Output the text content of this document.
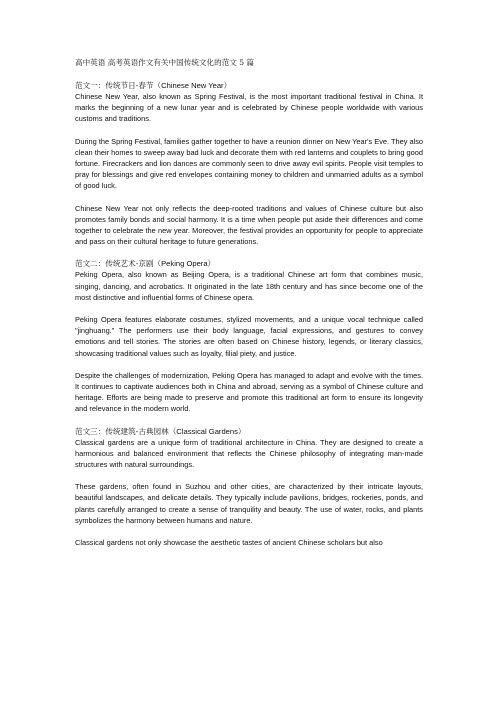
高中英语 高考英语作文有关中国传统文化的范文 5 篇
范文一：传统节日-春节（Chinese New Year）

Chinese New Year, also known as Spring Festival, is the most important traditional festival in China. It marks the beginning of a new lunar year and is celebrated by Chinese people worldwide with various customs and traditions.

During the Spring Festival, families gather together to have a reunion dinner on New Year's Eve. They also clean their homes to sweep away bad luck and decorate them with red lanterns and couplets to bring good fortune. Firecrackers and lion dances are commonly seen to drive away evil spirits. People visit temples to pray for blessings and give red envelopes containing money to children and unmarried adults as a symbol of good luck.

Chinese New Year not only reflects the deep-rooted traditions and values of Chinese culture but also promotes family bonds and social harmony. It is a time when people put aside their differences and come together to celebrate the new year. Moreover, the festival provides an opportunity for people to appreciate and pass on their cultural heritage to future generations.

范文二：传统艺术-京剧（Peking Opera）

Peking Opera, also known as Beijing Opera, is a traditional Chinese art form that combines music, singing, dancing, and acrobatics. It originated in the late 18th century and has since become one of the most distinctive and influential forms of Chinese opera.

Peking Opera features elaborate costumes, stylized movements, and a unique vocal technique called "jinghuang." The performers use their body language, facial expressions, and gestures to convey emotions and tell stories. The stories are often based on Chinese history, legends, or literary classics, showcasing traditional values such as loyalty, filial piety, and justice.

Despite the challenges of modernization, Peking Opera has managed to adapt and evolve with the times. It continues to captivate audiences both in China and abroad, serving as a symbol of Chinese culture and heritage. Efforts are being made to preserve and promote this traditional art form to ensure its longevity and relevance in the modern world.

范文三：传统建筑-古典园林（Classical Gardens）

Classical gardens are a unique form of traditional architecture in China. They are designed to create a harmonious and balanced environment that reflects the Chinese philosophy of integrating man-made structures with natural surroundings.

These gardens, often found in Suzhou and other cities, are characterized by their intricate layouts, beautiful landscapes, and delicate details. They typically include pavilions, bridges, rockeries, ponds, and plants carefully arranged to create a sense of tranquility and beauty. The use of water, rocks, and plants symbolizes the harmony between humans and nature.

Classical gardens not only showcase the aesthetic tastes of ancient Chinese scholars but also
